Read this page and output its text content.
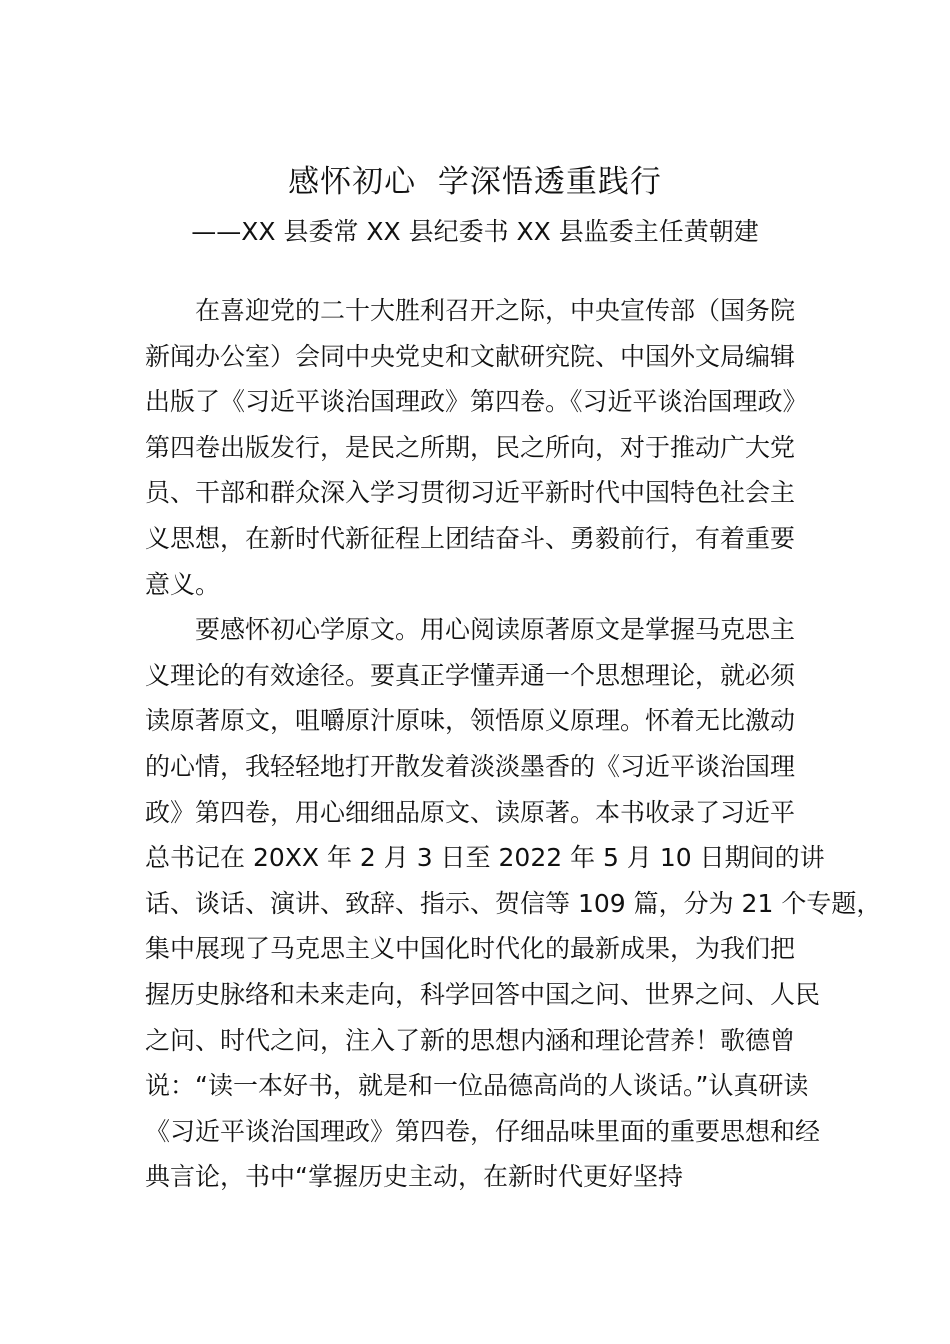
感怀初心  学深悟透重践行
——XX 县委常 XX 县纪委书 XX 县监委主任黄朝建
在喜迎党的二十大胜利召开之际，中央宣传部（国务院
新闻办公室）会同中央党史和文献研究院、中国外文局编辑
出版了《习近平谈治国理政》第四卷。《习近平谈治国理政》
第四卷出版发行，是民之所期，民之所向，对于推动广大党
员、干部和群众深入学习贯彻习近平新时代中国特色社会主
义思想，在新时代新征程上团结奋斗、勇毅前行，有着重要
意义。
要感怀初心学原文。用心阅读原著原文是掌握马克思主
义理论的有效途径。要真正学懂弄通一个思想理论，就必须
读原著原文，咀嚼原汁原味，领悟原义原理。怀着无比激动
的心情，我轻轻地打开散发着淡淡墨香的《习近平谈治国理
政》第四卷，用心细细品原文、读原著。本书收录了习近平
总书记在 20XX 年 2 月 3 日至 2022 年 5 月 10 日期间的讲
话、谈话、演讲、致辞、指示、贺信等 109 篇，分为 21 个专题，
集中展现了马克思主义中国化时代化的最新成果，为我们把
握历史脉络和未来走向，科学回答中国之问、世界之问、人民
之问、时代之问，注入了新的思想内涵和理论营养！歌德曾
说：“读一本好书，就是和一位品德高尚的人谈话。”认真研读
《习近平谈治国理政》第四卷，仔细品味里面的重要思想和经
典言论，书中“掌握历史主动，在新时代更好坚持
